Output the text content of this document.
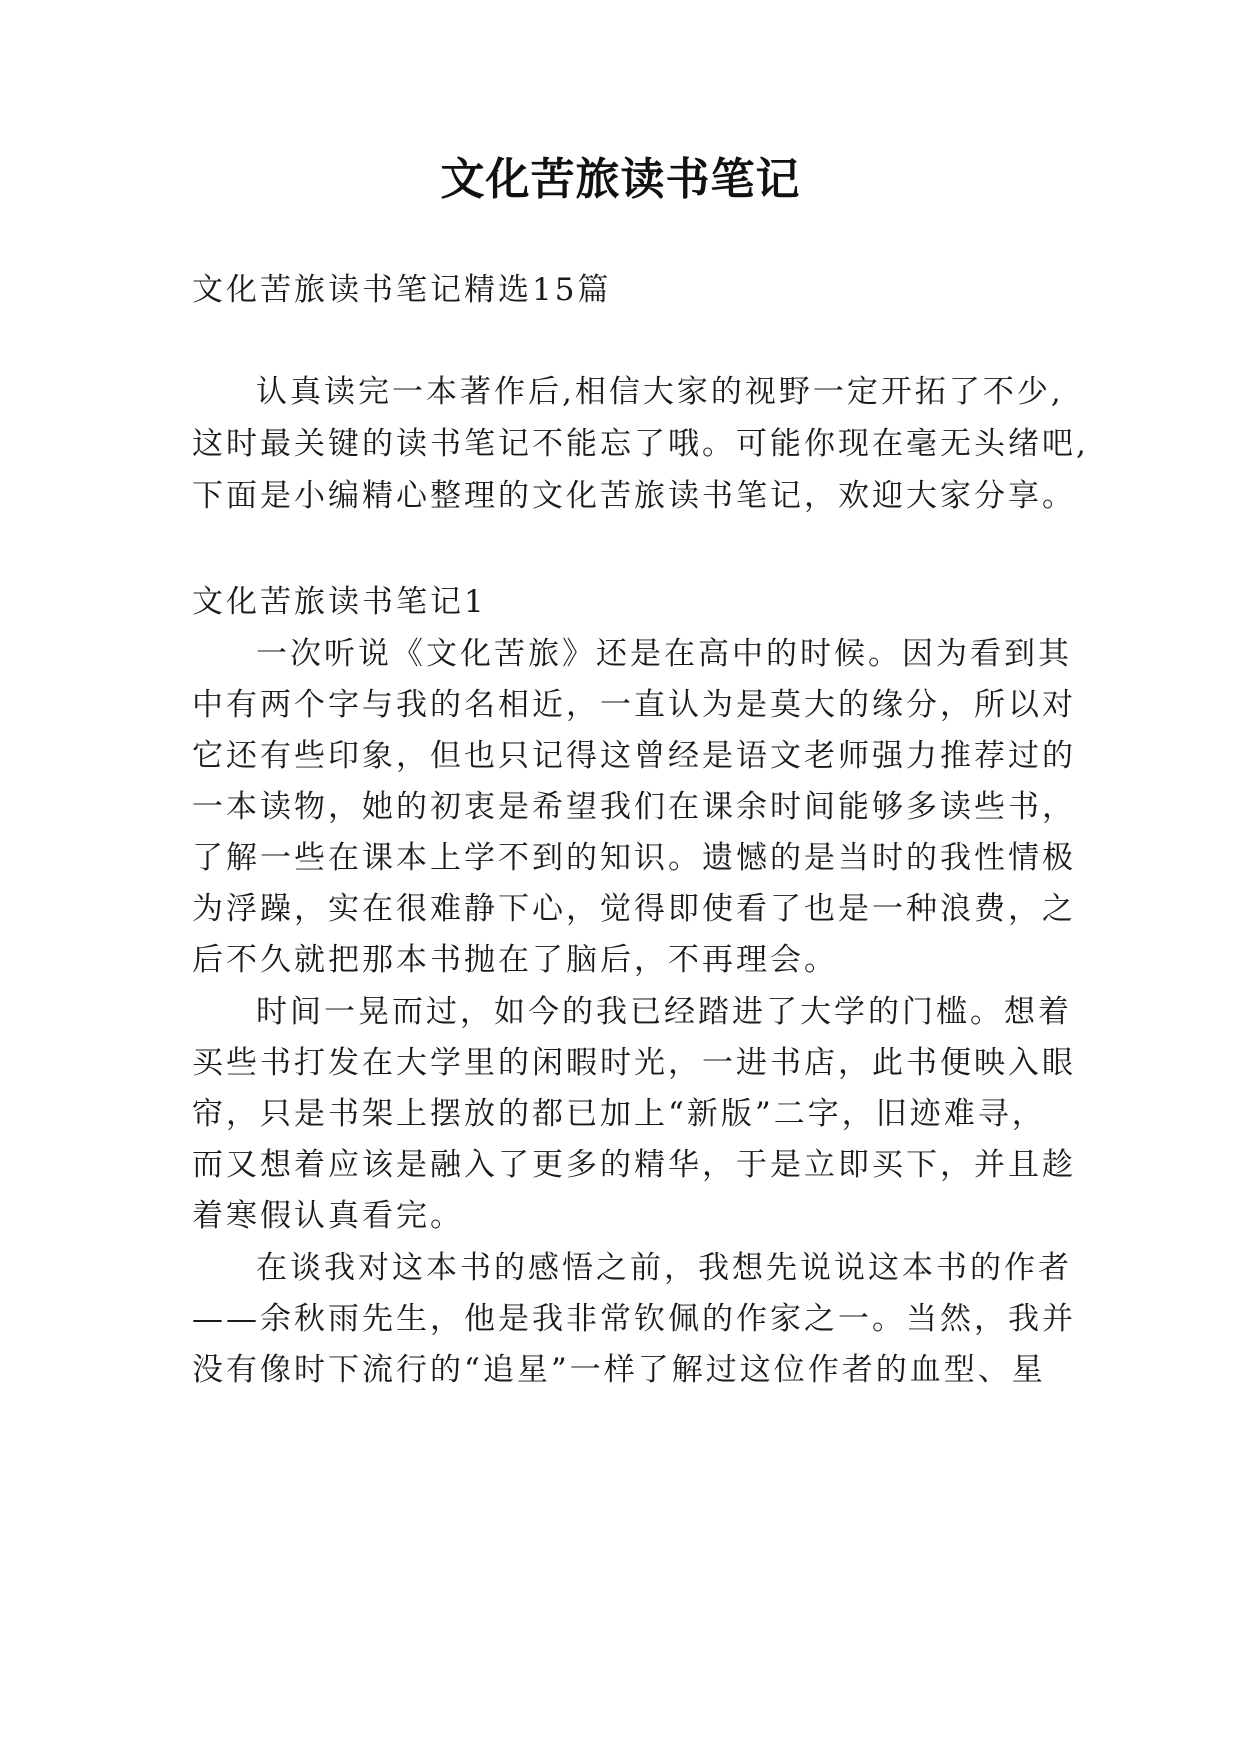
文化苦旅读书笔记

文化苦旅读书笔记精选15篇

认真读完一本著作后,相信大家的视野一定开拓了不少,

这时最关键的读书笔记不能忘了哦。可能你现在毫无头绪吧,

下面是小编精心整理的文化苦旅读书笔记，欢迎大家分享。

文化苦旅读书笔记1

一次听说《文化苦旅》还是在高中的时候。因为看到其

中有两个字与我的名相近，一直认为是莫大的缘分，所以对

它还有些印象，但也只记得这曾经是语文老师强力推荐过的

一本读物，她的初衷是希望我们在课余时间能够多读些书，

了解一些在课本上学不到的知识。遗憾的是当时的我性情极

为浮躁，实在很难静下心，觉得即使看了也是一种浪费，之

后不久就把那本书抛在了脑后，不再理会。

时间一晃而过，如今的我已经踏进了大学的门槛。想着

买些书打发在大学里的闲暇时光，一进书店，此书便映入眼

帘，只是书架上摆放的都已加上“新版”二字，旧迹难寻，

而又想着应该是融入了更多的精华，于是立即买下，并且趁

着寒假认真看完。

在谈我对这本书的感悟之前，我想先说说这本书的作者

——余秋雨先生，他是我非常钦佩的作家之一。当然，我并

没有像时下流行的“追星”一样了解过这位作者的血型、星
